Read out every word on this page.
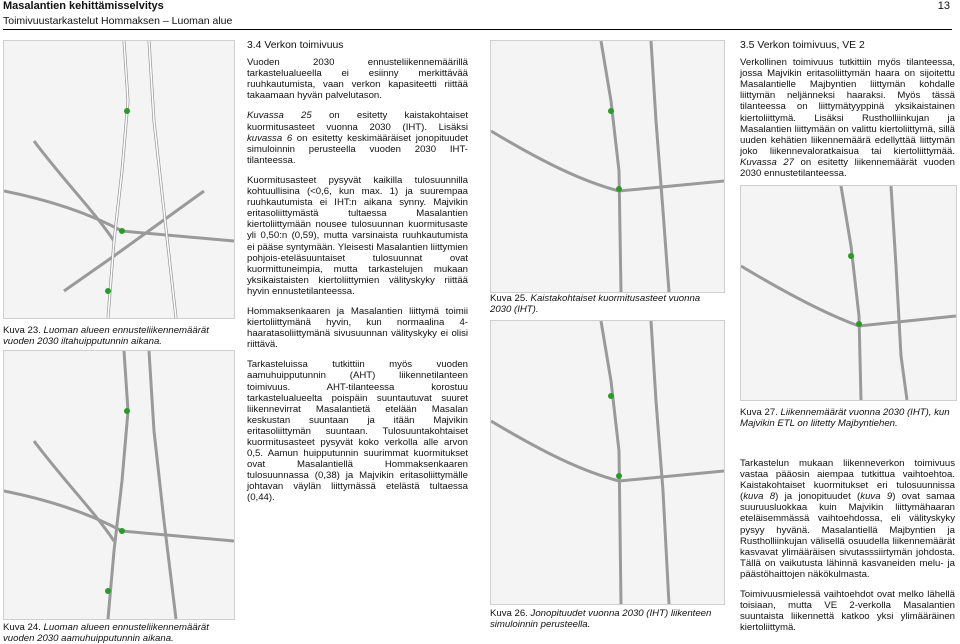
Masalantien kehittämisselvitys
Toimivuustarkastelut Hommaksen – Luoman alue
13

Kuva 23. Luoman alueen ennusteliikennemäärät vuoden 2030 iltahuipputunnin aikana.

Kuva 24. Luoman alueen ennusteliikennemäärät vuoden 2030 aamuhuipputunnin aikana.

3.4 Verkon toimivuus

Vuoden 2030 ennusteliikennemäärillä tarkastelualueella ei esiinny merkittävää ruuhkautumista, vaan verkon kapasiteetti riittää takaamaan hyvän palvelutason.

Kuvassa 25 on esitetty kaistakohtaiset kuormitusasteet vuonna 2030 (IHT). Lisäksi kuvassa 6 on esitetty keskimääräiset jonopituudet simuloinnin perusteella vuoden 2030 IHT-tilanteessa.

Kuormitusasteet pysyvät kaikilla tulosuunnilla kohtuullisina (<0,6, kun max. 1) ja suurempaa ruuhkautumista ei IHT:n aikana synny. Majvikin eritasoliittymästä tultaessa Masalantien kiertoliittymään nousee tulosuunnan kuormitusaste yli 0,50:n (0,59), mutta varsinaista ruuhkautumista ei pääse syntymään. Yleisesti Masalantien liittymien pohjois-eteläsuuntaiset tulosuunnat ovat kuormittuneimpia, mutta tarkastelujen mukaan yksikaistaisten kiertoliittymien välityskyky riittää hyvin ennustetilanteessa.

Hommaksenkaaren ja Masalantien liittymä toimii kiertoliittymänä hyvin, kun normaalina 4-haaratasoliittymänä sivusuunnan välityskyky ei olisi riittävä.

Tarkasteluissa tutkittiin myös vuoden aamuhuipputunnin (AHT) liikennetilanteen toimivuus. AHT-tilanteessa korostuu tarkastelualueelta poispäin suuntautuvat suuret liikennevirrat Masalantietä etelään Masalan keskustan suuntaan ja itään Majvikin eritasoliittymän suuntaan. Tulosuuntakohtaiset kuormitusasteet pysyvät koko verkolla alle arvon 0,5. Aamun huipputunnin suurimmat kuormitukset ovat Masalantiellä Hommaksenkaaren tulosuunnassa (0,38) ja Majvikin eritasoliittymälle johtavan väylän liittymässä etelästä tultaessa (0,44).

Kuva 25. Kaistakohtaiset kuormitusasteet vuonna 2030 (IHT).

Kuva 26. Jonopituudet vuonna 2030 (IHT) liikenteen simuloinnin perusteella.

3.5 Verkon toimivuus, VE 2

Verkollinen toimivuus tutkittiin myös tilanteessa, jossa Majvikin eritasoliittymän haara on sijoitettu Masalantielle Majbyntien liittymän kohdalle liittymän neljänneksi haaraksi. Myös tässä tilanteessa on liittymätyyppinä yksikaistainen kiertoliittymä. Lisäksi Rustholliinkujan ja Masalantien liittymään on valittu kiertoliittymä, sillä uuden kehätien liikennemäärä edellyttää liittymän joko liikennevaloratkaisua tai kiertoliittymää. Kuvassa 27 on esitetty liikennemäärät vuoden 2030 ennustetilanteessa.

Kuva 27. Liikennemäärät vuonna 2030 (IHT), kun Majvikin ETL on liitetty Majbyntiehen.

Tarkastelun mukaan liikenneverkon toimivuus vastaa pääosin aiempaa tutkittua vaihtoehtoa. Kaistakohtaiset kuormitukset eri tulosuunnissa (kuva 8) ja jonopituudet (kuva 9) ovat samaa suuruusluokkaa kuin Majvikin liittymähaaran eteläisemmässä vaihtoehdossa, eli välityskyky pysyy hyvänä. Masalantiellä Majbyntien ja Rustholliinkujan välisellä osuudella liikennemäärät kasvavat ylimääräisen sivutasssiirtymän johdosta. Tällä on vaikutusta lähinnä kasvaneiden melu- ja päästöhaittojen näkökulmasta.

Toimivuusmielessä vaihtoehdot ovat melko lähellä toisiaan, mutta VE 2-verkolla Masalantien suuntaista liikennettä katkoo yksi ylimääräinen kiertoliittymä.
